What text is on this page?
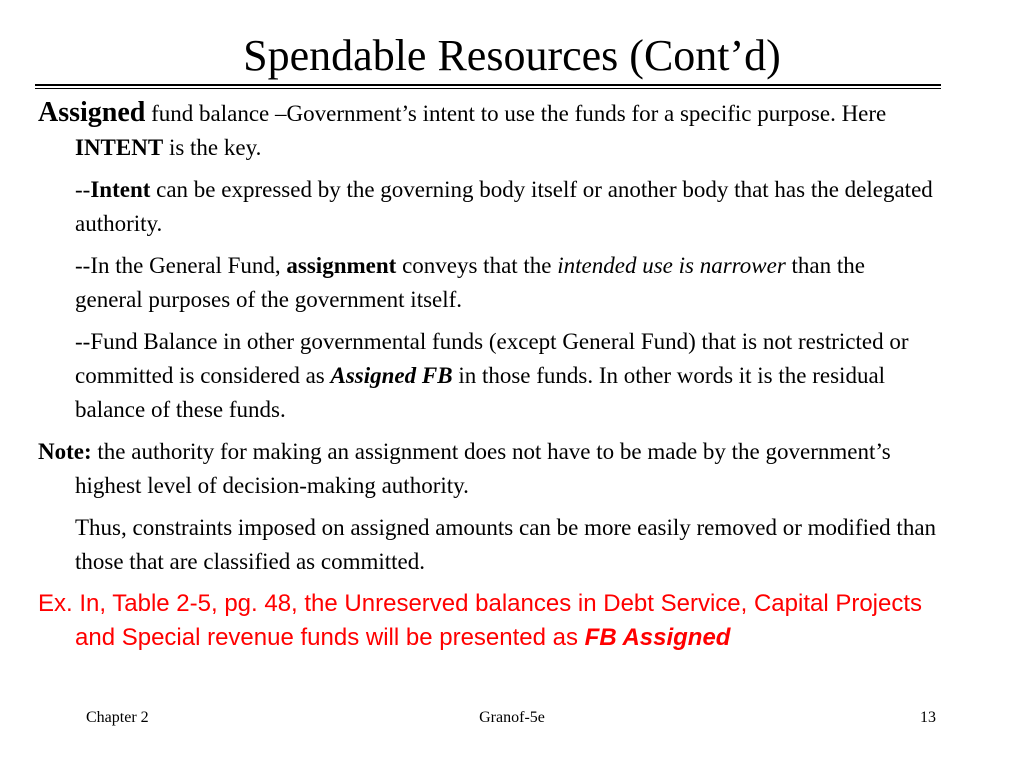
Spendable Resources (Cont’d)

Assigned fund balance –Government’s intent to use the funds for a specific purpose. Here INTENT is the key.

--Intent can be expressed by the governing body itself or another body that has the delegated authority.

--In the General Fund, assignment conveys that the intended use is narrower than the general purposes of the government itself.

--Fund Balance in other governmental funds (except General Fund) that is not restricted or committed is considered as Assigned FB in those funds. In other words it is the residual balance of these funds.

Note: the authority for making an assignment does not have to be made by the government’s highest level of decision-making authority.

Thus, constraints imposed on assigned amounts can be more easily removed or modified than those that are classified as committed.

Ex. In, Table 2-5, pg. 48, the Unreserved balances in Debt Service, Capital Projects and Special revenue funds will be presented as FB Assigned

Chapter 2	Granof-5e	13
